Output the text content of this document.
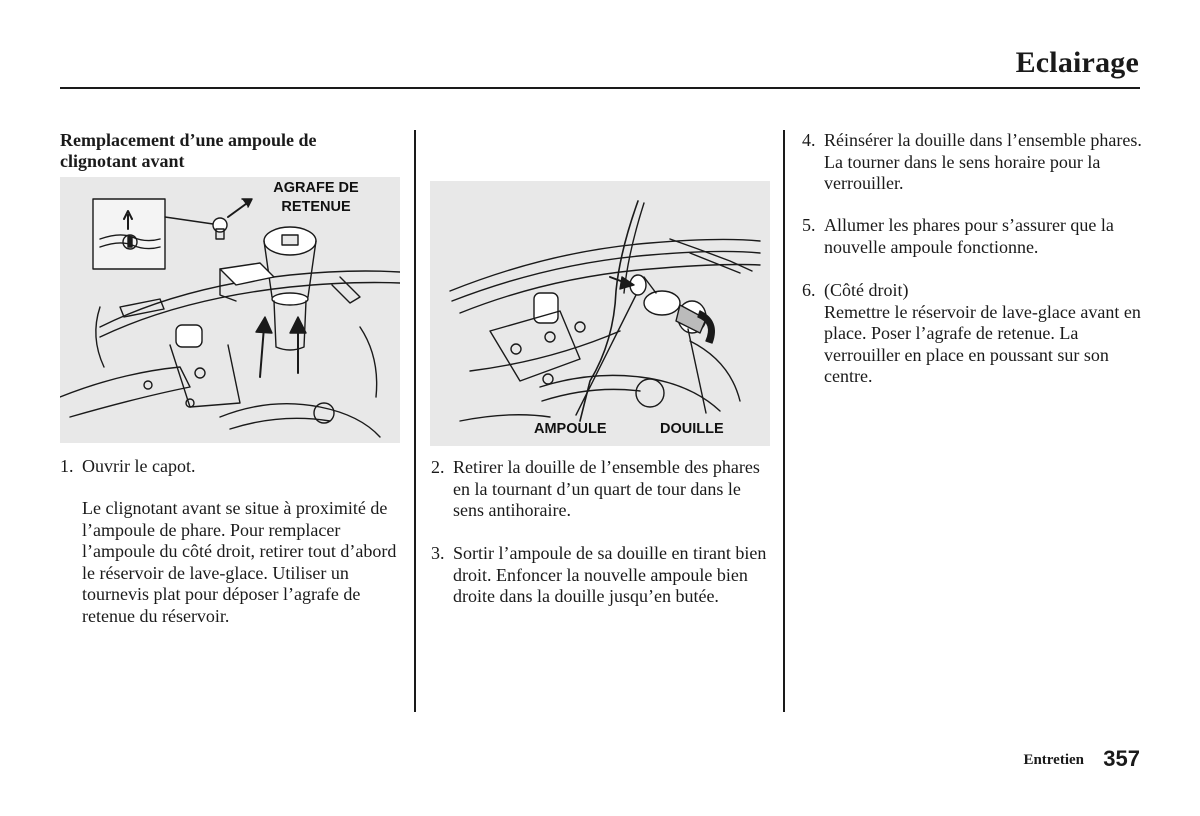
Eclairage
Remplacement d’une ampoule de clignotant avant
AGRAFE DE
RETENUE
1. Ouvrir le capot.
Le clignotant avant se situe à proximité de l’ampoule de phare. Pour remplacer l’ampoule du côté droit, retirer tout d’abord le réservoir de lave-glace. Utiliser un tournevis plat pour déposer l’agrafe de retenue du réservoir.
AMPOULE	DOUILLE
2. Retirer la douille de l’ensemble des phares en la tournant d’un quart de tour dans le sens antihoraire.
3. Sortir l’ampoule de sa douille en tirant bien droit. Enfoncer la nouvelle ampoule bien droite dans la douille jusqu’en butée.
4. Réinsérer la douille dans l’ensemble phares. La tourner dans le sens horaire pour la verrouiller.
5. Allumer les phares pour s’assurer que la nouvelle ampoule fonctionne.
6. (Côté droit)
Remettre le réservoir de lave-glace avant en place. Poser l’agrafe de retenue. La verrouiller en place en poussant sur son centre.
Entretien 357
